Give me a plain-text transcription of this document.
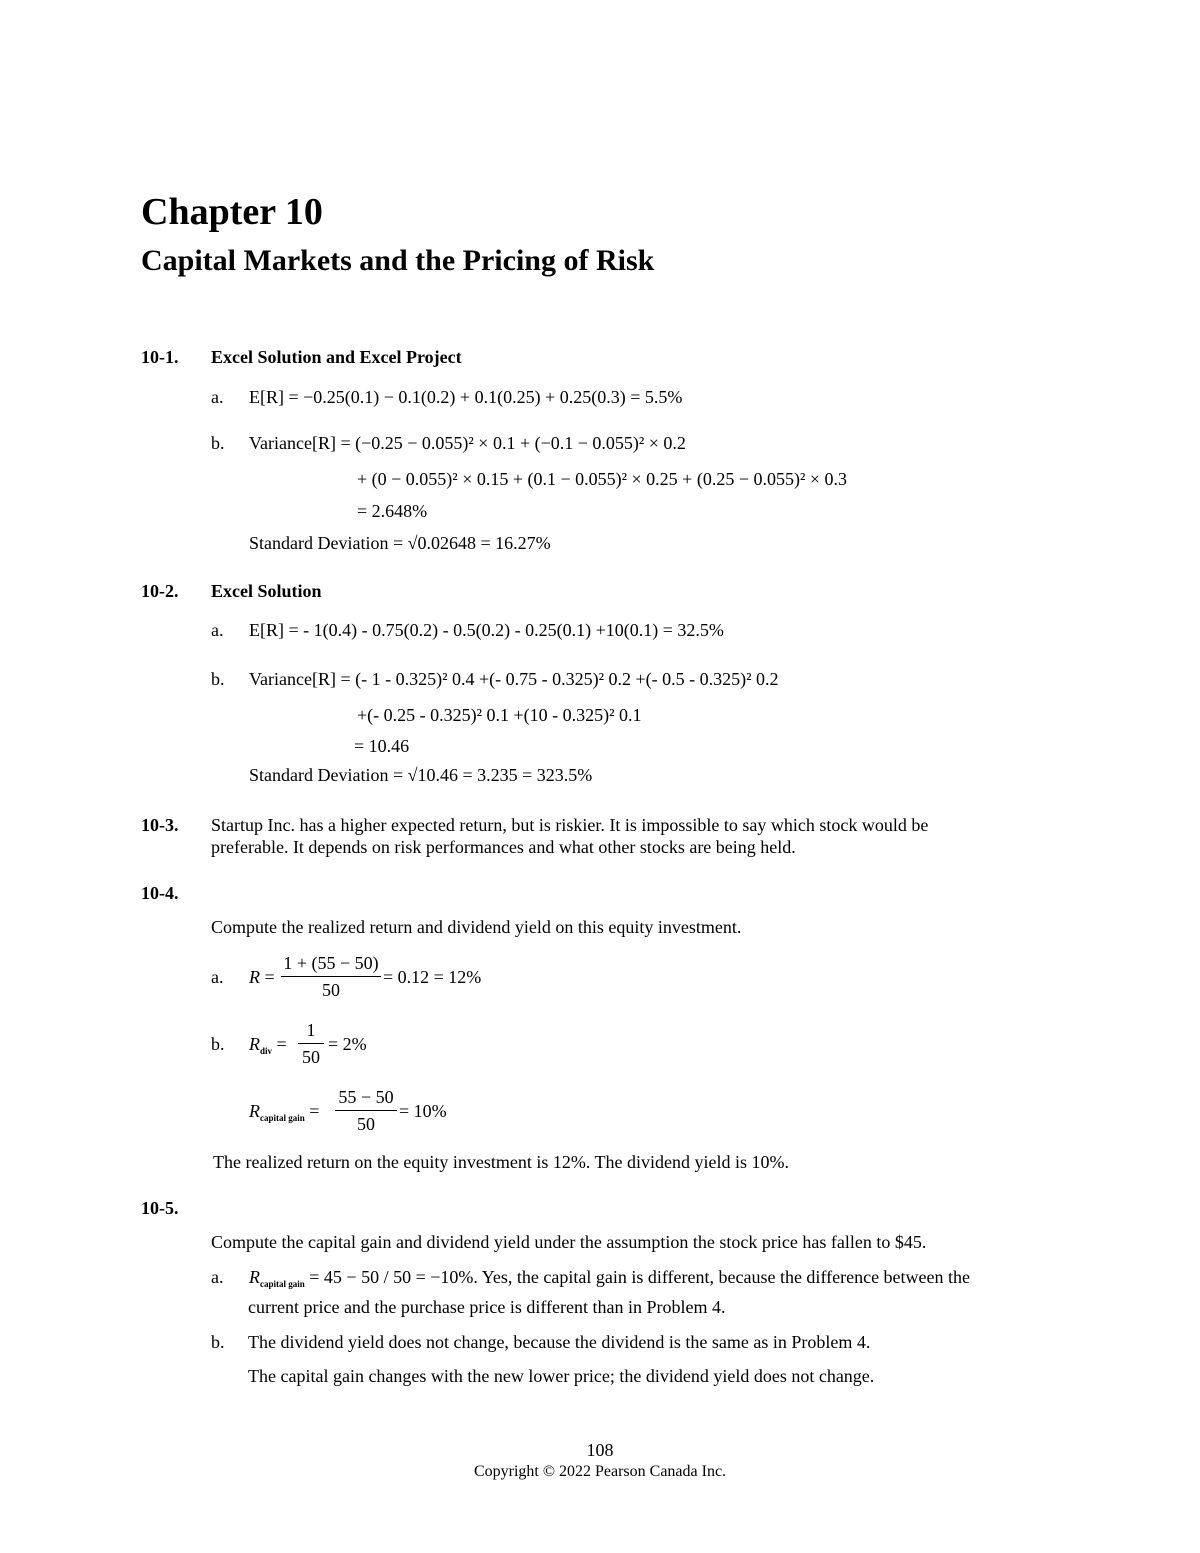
Chapter 10
Capital Markets and the Pricing of Risk
10-1. Excel Solution and Excel Project
a. E[R] = −0.25(0.1) − 0.1(0.2) + 0.1(0.25) + 0.25(0.3) = 5.5%
b. Variance[R] = (−0.25 − 0.055)² × 0.1 + (−0.1 − 0.055)² × 0.2
+ (0 − 0.055)² × 0.15 + (0.1 − 0.055)² × 0.25 + (0.25 − 0.055)² × 0.3
= 2.648%
Standard Deviation = √0.02648 = 16.27%
10-2. Excel Solution
a. E[R] = - 1(0.4) - 0.75(0.2) - 0.5(0.2) - 0.25(0.1) +10(0.1) = 32.5%
b. Variance[R] = (- 1 - 0.325)² 0.4 +(- 0.75 - 0.325)² 0.2 +(- 0.5 - 0.325)² 0.2
+(- 0.25 - 0.325)² 0.1 +(10 - 0.325)² 0.1
= 10.46
Standard Deviation = √10.46 = 3.235 = 323.5%
10-3. Startup Inc. has a higher expected return, but is riskier. It is impossible to say which stock would be
preferable. It depends on risk performances and what other stocks are being held.
10-4.
Compute the realized return and dividend yield on this equity investment.
a. $R = \frac{1 + (55 - 50)}{50} = 0.12 = 12\%$
b. $R_{div} = \frac{1}{50} = 2\%$
$R_{capital gain} = \frac{55 - 50}{50} = 10\%$
The realized return on the equity investment is 12%. The dividend yield is 10%.
10-5.
Compute the capital gain and dividend yield under the assumption the stock price has fallen to $45.
a. $R_{capital gain} = 45 - 50 / 50 = -10\%$. Yes, the capital gain is different, because the difference between the
current price and the purchase price is different than in Problem 4.
b. The dividend yield does not change, because the dividend is the same as in Problem 4.
The capital gain changes with the new lower price; the dividend yield does not change.
108
Copyright © 2022 Pearson Canada Inc.
